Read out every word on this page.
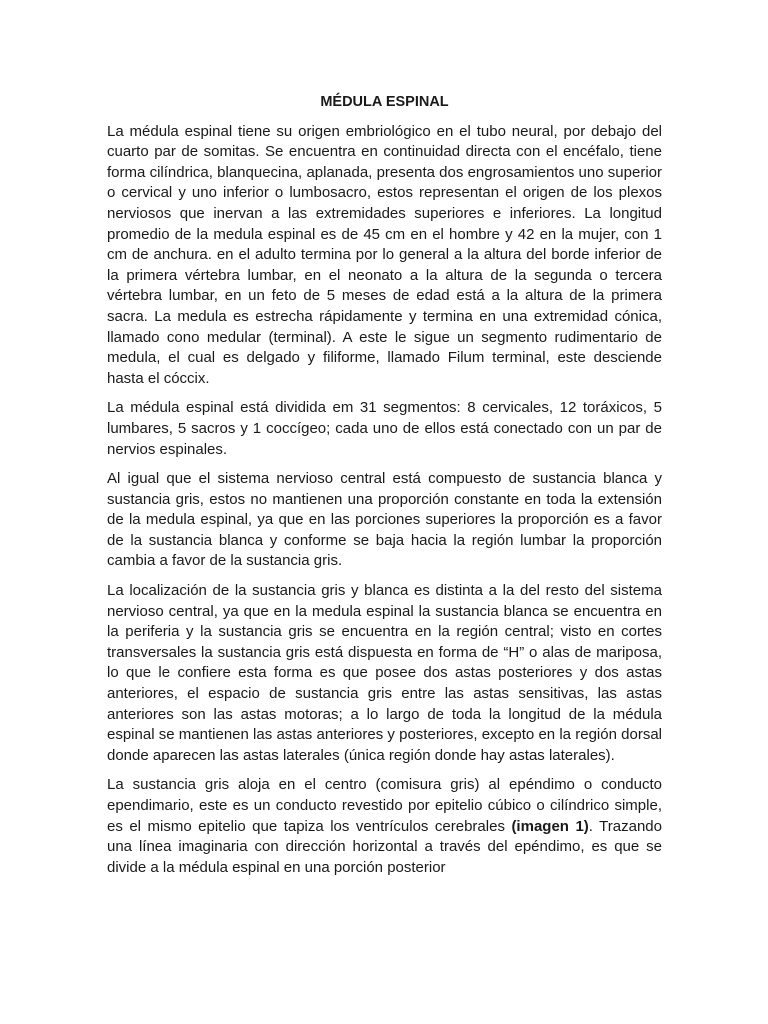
MÉDULA ESPINAL

La médula espinal tiene su origen embriológico en el tubo neural, por debajo del cuarto par de somitas. Se encuentra en continuidad directa con el encéfalo, tiene forma cilíndrica, blanquecina, aplanada, presenta dos engrosamientos uno superior o cervical y uno inferior o lumbosacro, estos representan el origen de los plexos nerviosos que inervan a las extremidades superiores e inferiores. La longitud promedio de la medula espinal es de 45 cm en el hombre y 42 en la mujer, con 1 cm de anchura. en el adulto termina por lo general a la altura del borde inferior de la primera vértebra lumbar, en el neonato a la altura de la segunda o tercera vértebra lumbar, en un feto de 5 meses de edad está a la altura de la primera sacra. La medula es estrecha rápidamente y termina en una extremidad cónica, llamado cono medular (terminal). A este le sigue un segmento rudimentario de medula, el cual es delgado y filiforme, llamado Filum terminal, este desciende hasta el cóccix.

La médula espinal está dividida em 31 segmentos: 8 cervicales, 12 toráxicos, 5 lumbares, 5 sacros y 1 coccígeo; cada uno de ellos está conectado con un par de nervios espinales.

Al igual que el sistema nervioso central está compuesto de sustancia blanca y sustancia gris, estos no mantienen una proporción constante en toda la extensión de la medula espinal, ya que en las porciones superiores la proporción es a favor de la sustancia blanca y conforme se baja hacia la región lumbar la proporción cambia a favor de la sustancia gris.

La localización de la sustancia gris y blanca es distinta a la del resto del sistema nervioso central, ya que en la medula espinal la sustancia blanca se encuentra en la periferia y la sustancia gris se encuentra en la región central; visto en cortes transversales la sustancia gris está dispuesta en forma de “H” o alas de mariposa, lo que le confiere esta forma es que posee dos astas posteriores y dos astas anteriores, el espacio de sustancia gris entre las astas sensitivas, las astas anteriores son las astas motoras; a lo largo de toda la longitud de la médula espinal se mantienen las astas anteriores y posteriores, excepto en la región dorsal donde aparecen las astas laterales (única región donde hay astas laterales).

La sustancia gris aloja en el centro (comisura gris) al epéndimo o conducto ependimario, este es un conducto revestido por epitelio cúbico o cilíndrico simple, es el mismo epitelio que tapiza los ventrículos cerebrales (imagen 1). Trazando una línea imaginaria con dirección horizontal a través del epéndimo, es que se divide a la médula espinal en una porción posterior
